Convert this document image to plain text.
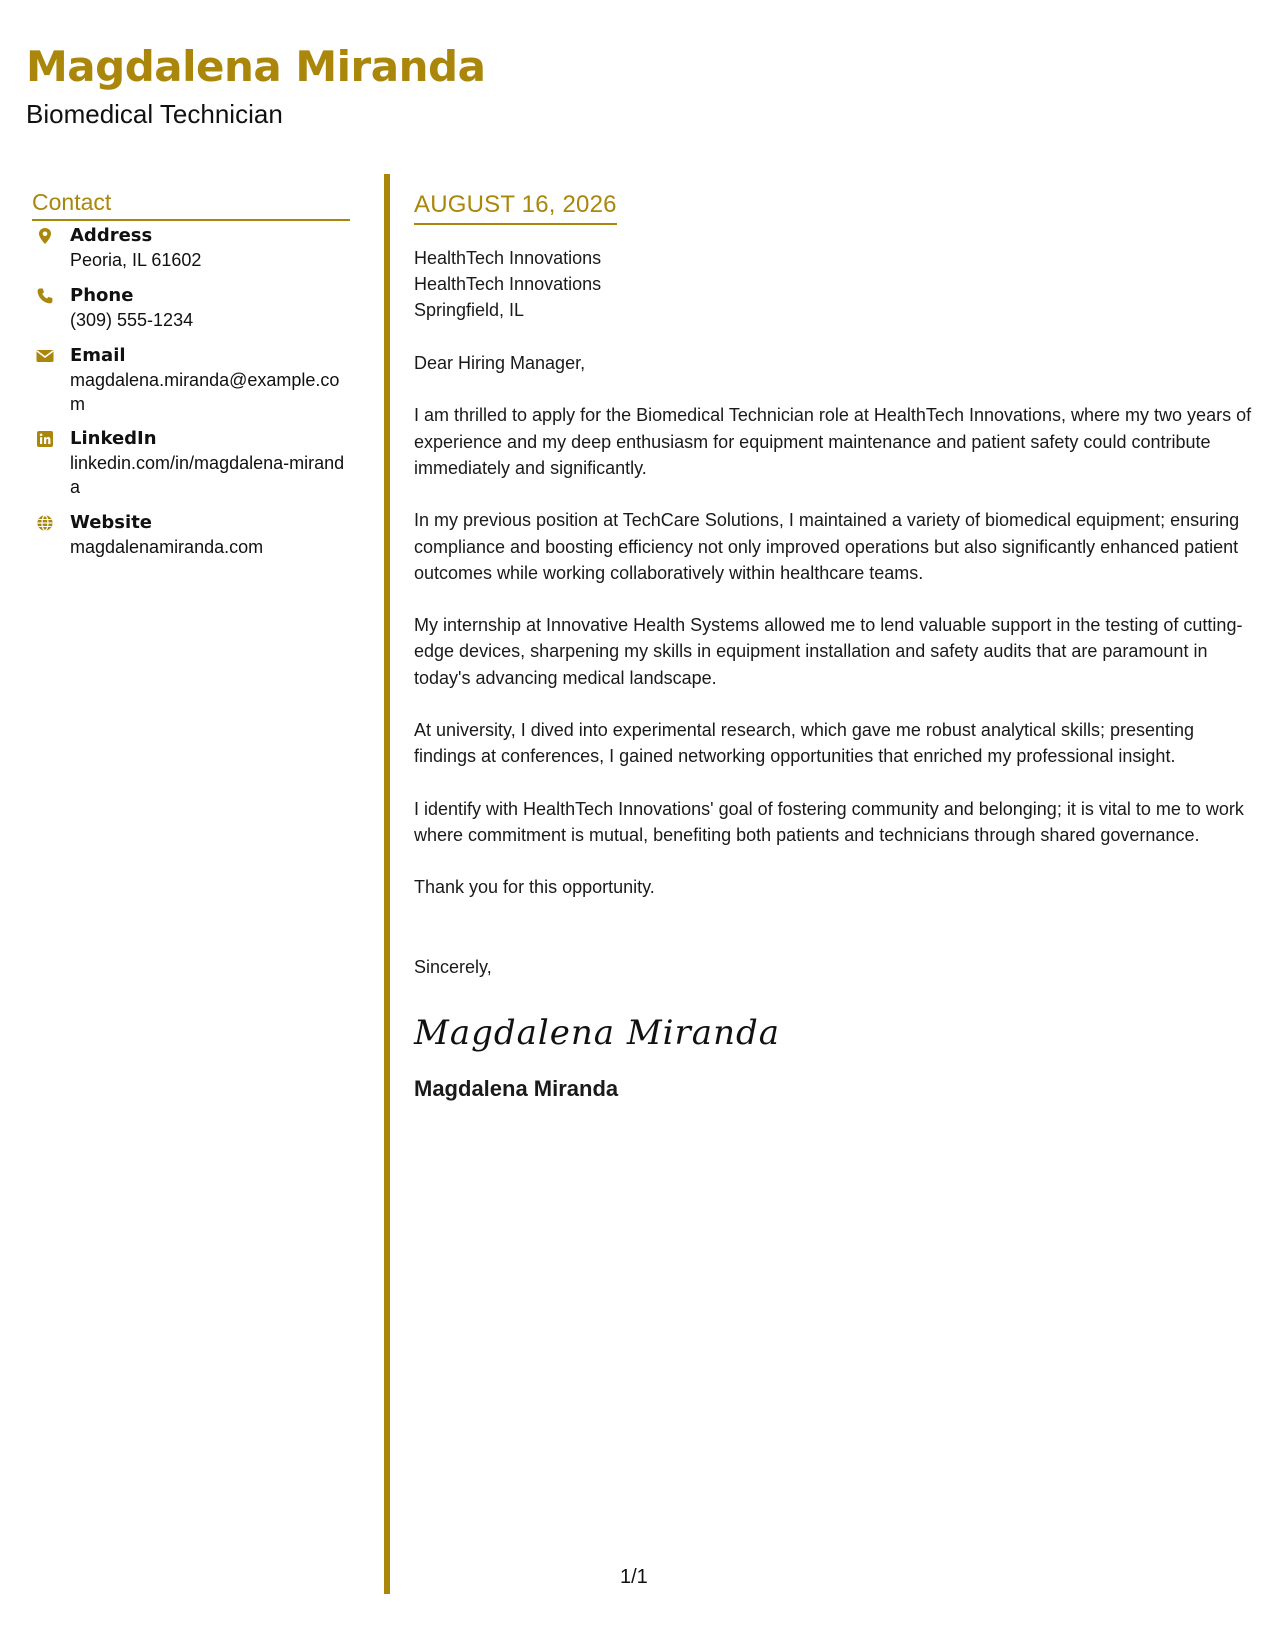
Magdalena Miranda
Biomedical Technician
Contact
Address
Peoria, IL 61602
Phone
(309) 555-1234
Email
magdalena.miranda@example.com
LinkedIn
linkedin.com/in/magdalena-miranda
Website
magdalenamiranda.com
AUGUST 16, 2026
HealthTech Innovations
HealthTech Innovations
Springfield, IL
Dear Hiring Manager,
I am thrilled to apply for the Biomedical Technician role at HealthTech Innovations, where my two years of experience and my deep enthusiasm for equipment maintenance and patient safety could contribute immediately and significantly.
In my previous position at TechCare Solutions, I maintained a variety of biomedical equipment; ensuring compliance and boosting efficiency not only improved operations but also significantly enhanced patient outcomes while working collaboratively within healthcare teams.
My internship at Innovative Health Systems allowed me to lend valuable support in the testing of cutting-edge devices, sharpening my skills in equipment installation and safety audits that are paramount in today's advancing medical landscape.
At university, I dived into experimental research, which gave me robust analytical skills; presenting findings at conferences, I gained networking opportunities that enriched my professional insight.
I identify with HealthTech Innovations' goal of fostering community and belonging; it is vital to me to work where commitment is mutual, benefiting both patients and technicians through shared governance.
Thank you for this opportunity.
Sincerely,
Magdalena Miranda
Magdalena Miranda
1/1
